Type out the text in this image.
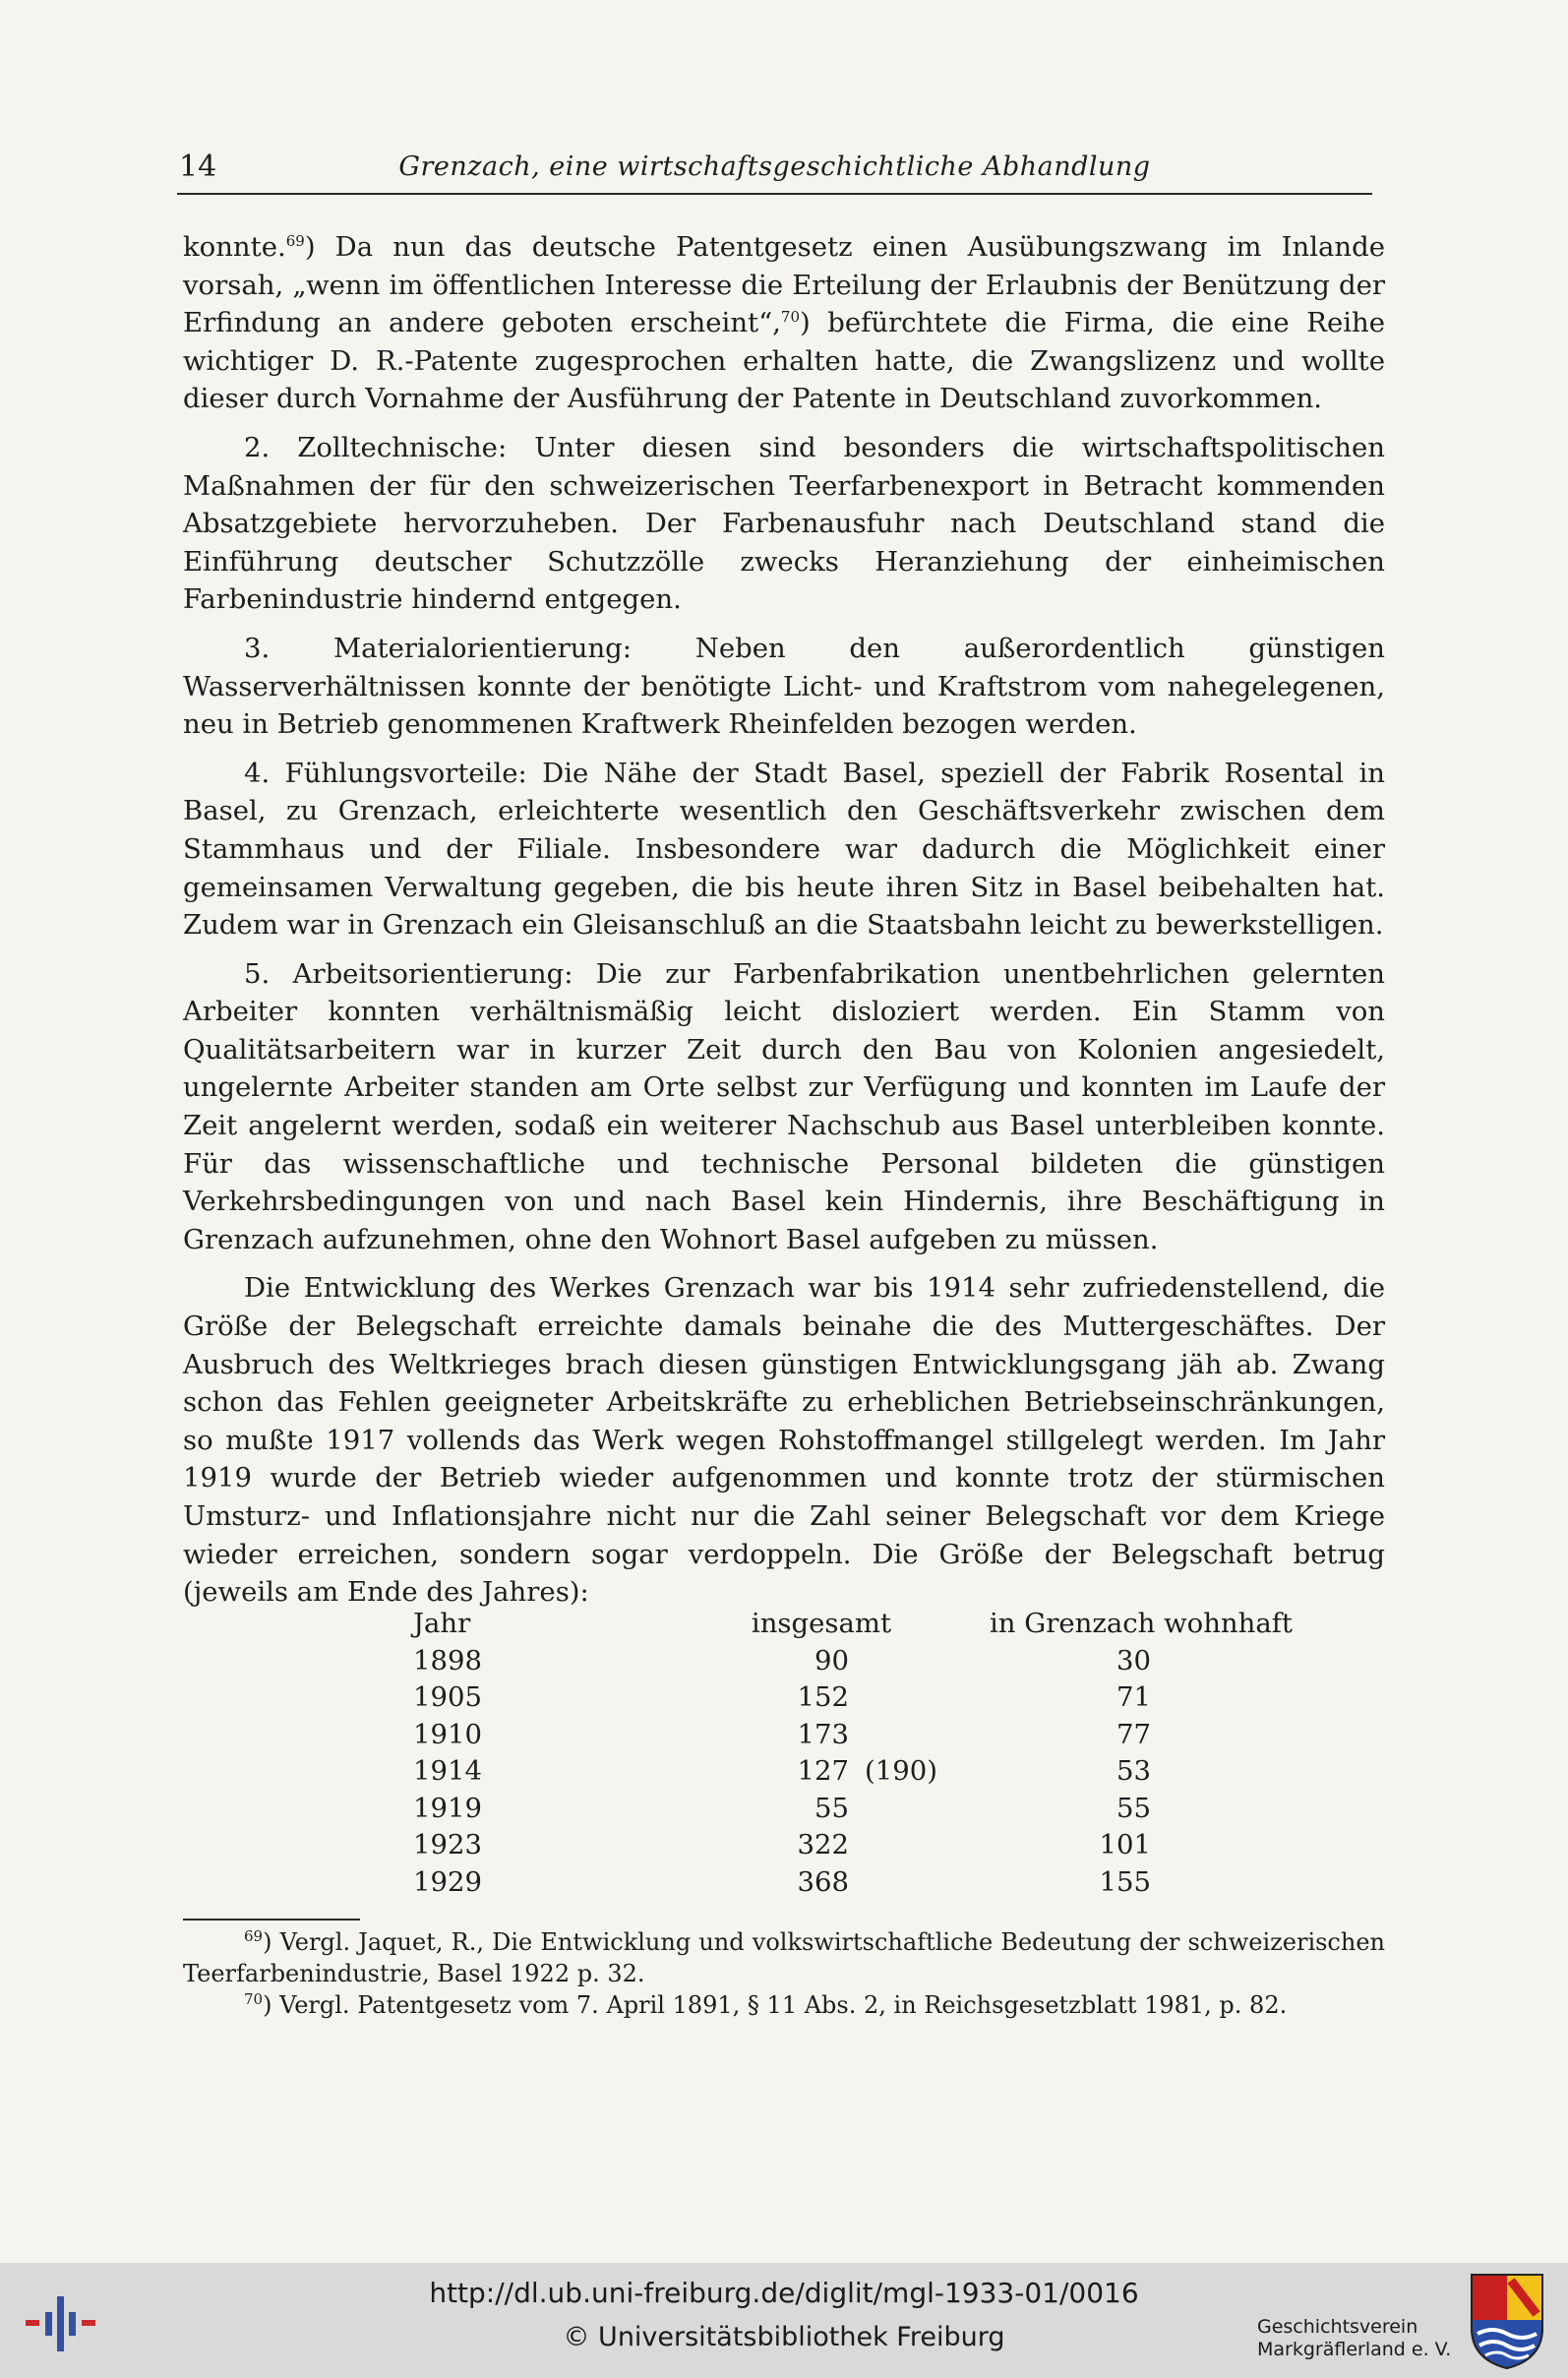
14	Grenzach, eine wirtschaftsgeschichtliche Abhandlung

konnte.$^{69}$) Da nun das deutsche Patentgesetz einen Ausübungszwang im Inlande vorsah, „wenn im öffentlichen Interesse die Erteilung der Erlaubnis der Benützung der Erfindung an andere geboten erscheint“,$^{70}$) befürchtete die Firma, die eine Reihe wichtiger D. R.-Patente zugesprochen erhalten hatte, die Zwangslizenz und wollte dieser durch Vornahme der Ausführung der Patente in Deutschland zuvorkommen.

2. Zolltechnische: Unter diesen sind besonders die wirtschaftspolitischen Maßnahmen der für den schweizerischen Teerfarbenexport in Betracht kommenden Absatzgebiete hervorzuheben. Der Farbenausfuhr nach Deutschland stand die Einführung deutscher Schutzzölle zwecks Heranziehung der einheimischen Farbenindustrie hindernd entgegen.

3. Materialorientierung: Neben den außerordentlich günstigen Wasserverhältnissen konnte der benötigte Licht- und Kraftstrom vom nahegelegenen, neu in Betrieb genommenen Kraftwerk Rheinfelden bezogen werden.

4. Fühlungsvorteile: Die Nähe der Stadt Basel, speziell der Fabrik Rosental in Basel, zu Grenzach, erleichterte wesentlich den Geschäftsverkehr zwischen dem Stammhaus und der Filiale. Insbesondere war dadurch die Möglichkeit einer gemeinsamen Verwaltung gegeben, die bis heute ihren Sitz in Basel beibehalten hat. Zudem war in Grenzach ein Gleisanschluß an die Staatsbahn leicht zu bewerkstelligen.

5. Arbeitsorientierung: Die zur Farbenfabrikation unentbehrlichen gelernten Arbeiter konnten verhältnismäßig leicht disloziert werden. Ein Stamm von Qualitätsarbeitern war in kurzer Zeit durch den Bau von Kolonien angesiedelt, ungelernte Arbeiter standen am Orte selbst zur Verfügung und konnten im Laufe der Zeit angelernt werden, sodaß ein weiterer Nachschub aus Basel unterbleiben konnte. Für das wissenschaftliche und technische Personal bildeten die günstigen Verkehrsbedingungen von und nach Basel kein Hindernis, ihre Beschäftigung in Grenzach aufzunehmen, ohne den Wohnort Basel aufgeben zu müssen.

Die Entwicklung des Werkes Grenzach war bis 1914 sehr zufriedenstellend, die Größe der Belegschaft erreichte damals beinahe die des Muttergeschäftes. Der Ausbruch des Weltkrieges brach diesen günstigen Entwicklungsgang jäh ab. Zwang schon das Fehlen geeigneter Arbeitskräfte zu erheblichen Betriebseinschränkungen, so mußte 1917 vollends das Werk wegen Rohstoffmangel stillgelegt werden. Im Jahr 1919 wurde der Betrieb wieder aufgenommen und konnte trotz der stürmischen Umsturz- und Inflationsjahre nicht nur die Zahl seiner Belegschaft vor dem Kriege wieder erreichen, sondern sogar verdoppeln. Die Größe der Belegschaft betrug (jeweils am Ende des Jahres):

Jahr	insgesamt	in Grenzach wohnhaft
1898	90	30
1905	152	71
1910	173	77
1914	127 (190)	53
1919	55	55
1923	322	101
1929	368	155

$^{69}$) Vergl. Jaquet, R., Die Entwicklung und volkswirtschaftliche Bedeutung der schweizerischen Teerfarbenindustrie, Basel 1922 p. 32.

$^{70}$) Vergl. Patentgesetz vom 7. April 1891, § 11 Abs. 2, in Reichsgesetzblatt 1981, p. 82.

http://dl.ub.uni-freiburg.de/diglit/mgl-1933-01/0016
© Universitätsbibliothek Freiburg	Geschichtsverein
Markgräflerland e. V.
